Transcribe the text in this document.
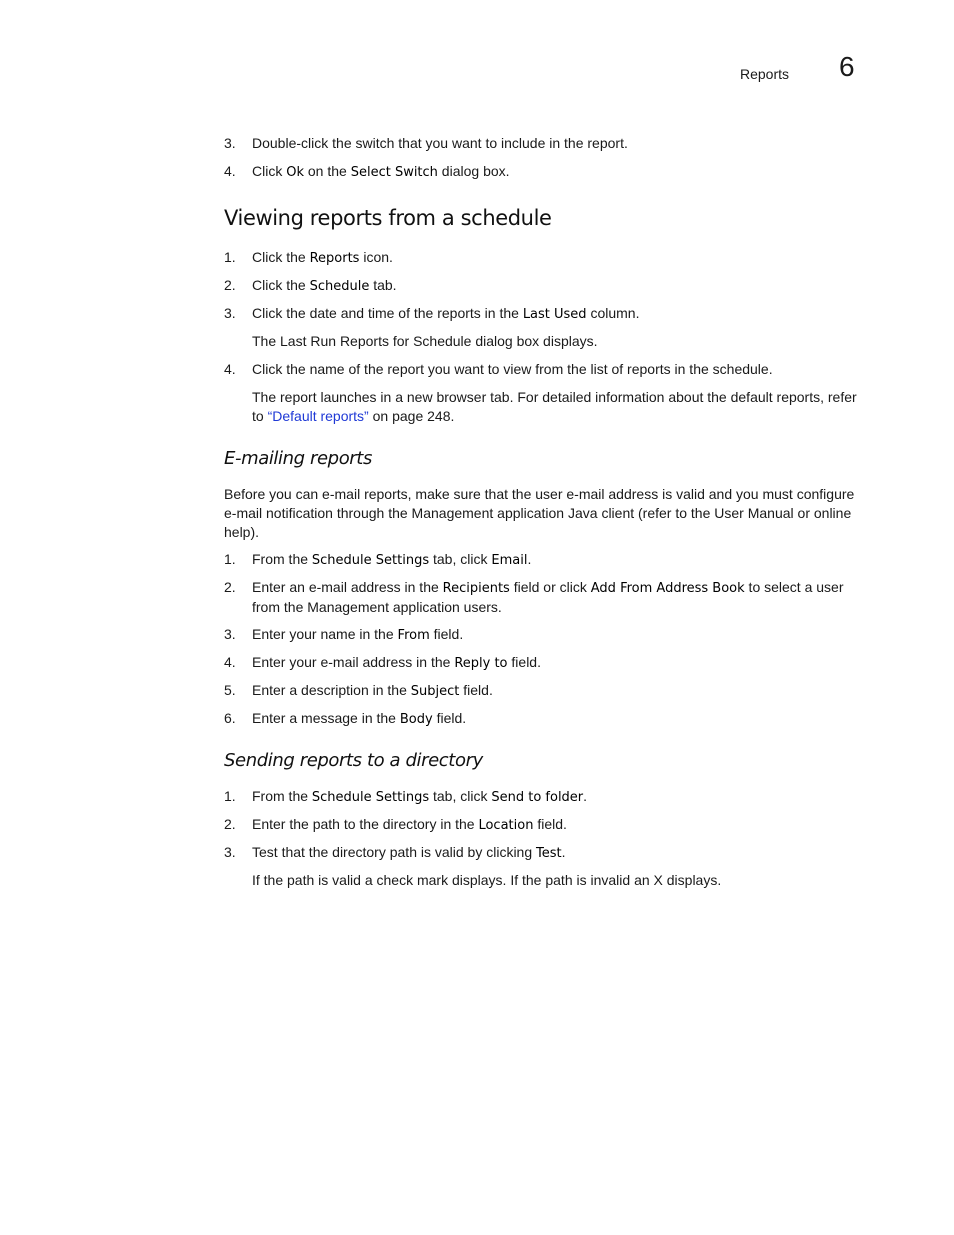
Reports 6
3. Double-click the switch that you want to include in the report.
4. Click Ok on the Select Switch dialog box.
Viewing reports from a schedule
1. Click the Reports icon.
2. Click the Schedule tab.
3. Click the date and time of the reports in the Last Used column.
The Last Run Reports for Schedule dialog box displays.
4. Click the name of the report you want to view from the list of reports in the schedule.
The report launches in a new browser tab. For detailed information about the default reports, refer to “Default reports” on page 248.
E-mailing reports
Before you can e-mail reports, make sure that the user e-mail address is valid and you must configure e-mail notification through the Management application Java client (refer to the User Manual or online help).
1. From the Schedule Settings tab, click Email.
2. Enter an e-mail address in the Recipients field or click Add From Address Book to select a user from the Management application users.
3. Enter your name in the From field.
4. Enter your e-mail address in the Reply to field.
5. Enter a description in the Subject field.
6. Enter a message in the Body field.
Sending reports to a directory
1. From the Schedule Settings tab, click Send to folder.
2. Enter the path to the directory in the Location field.
3. Test that the directory path is valid by clicking Test.
If the path is valid a check mark displays. If the path is invalid an X displays.
